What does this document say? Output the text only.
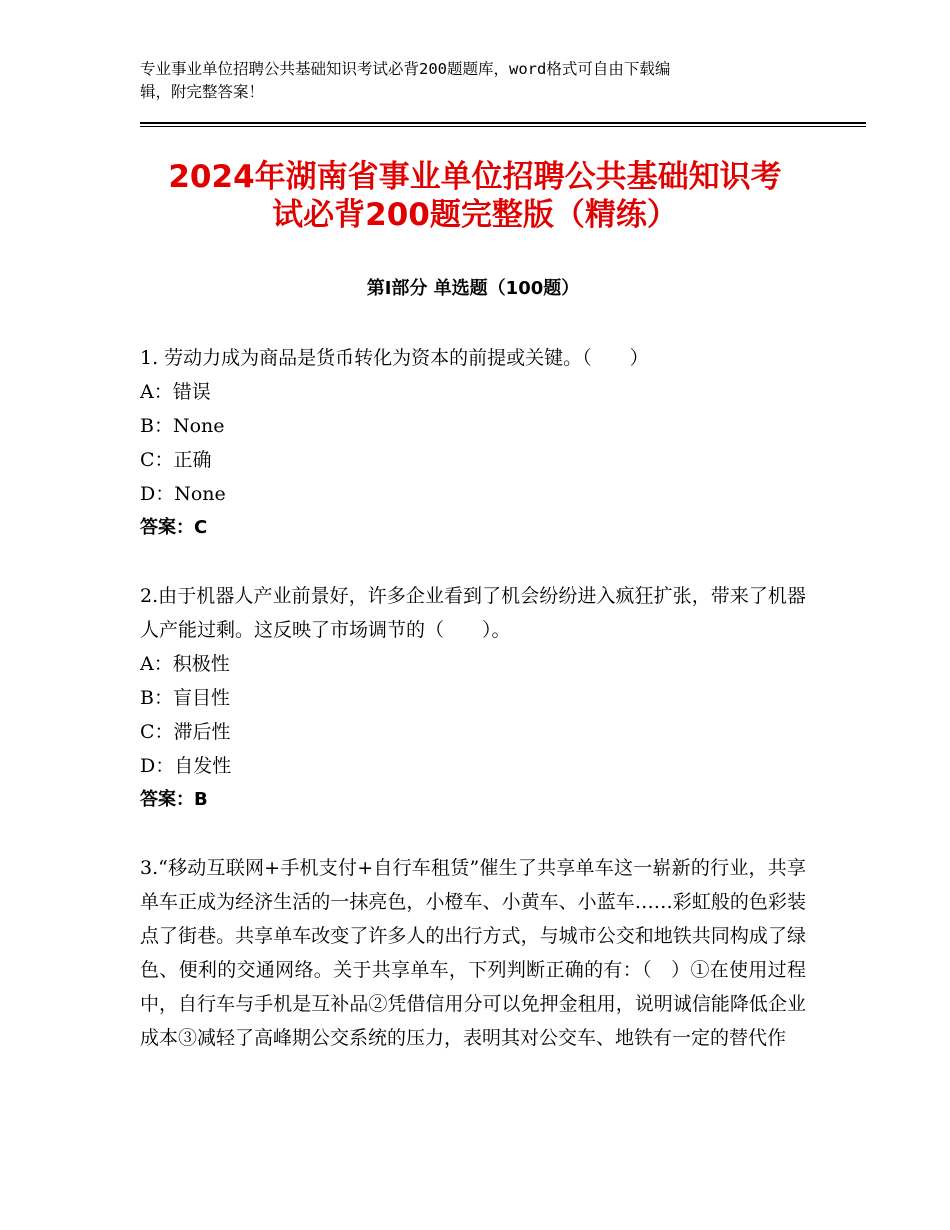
专业事业单位招聘公共基础知识考试必背200题题库，word格式可自由下载编
辑，附完整答案！
2024年湖南省事业单位招聘公共基础知识考
试必背200题完整版（精练）
第Ⅰ部分 单选题（100题）

1. 劳动力成为商品是货币转化为资本的前提或关键。（　　）

A：错误

B：None

C：正确

D：None

答案：C

2.由于机器人产业前景好，许多企业看到了机会纷纷进入疯狂扩张，带来了机器人产能过剩。这反映了市场调节的（　　）。

A：积极性

B：盲目性

C：滞后性

D：自发性

答案：B

3.“移动互联网+手机支付+自行车租赁”催生了共享单车这一崭新的行业，共享单车正成为经济生活的一抹亮色，小橙车、小黄车、小蓝车……彩虹般的色彩装点了街巷。共享单车改变了许多人的出行方式，与城市公交和地铁共同构成了绿色、便利的交通网络。关于共享单车，下列判断正确的有：（　）①在使用过程中，自行车与手机是互补品②凭借信用分可以免押金租用，说明诚信能降低企业成本③减轻了高峰期公交系统的压力，表明其对公交车、地铁有一定的替代作
